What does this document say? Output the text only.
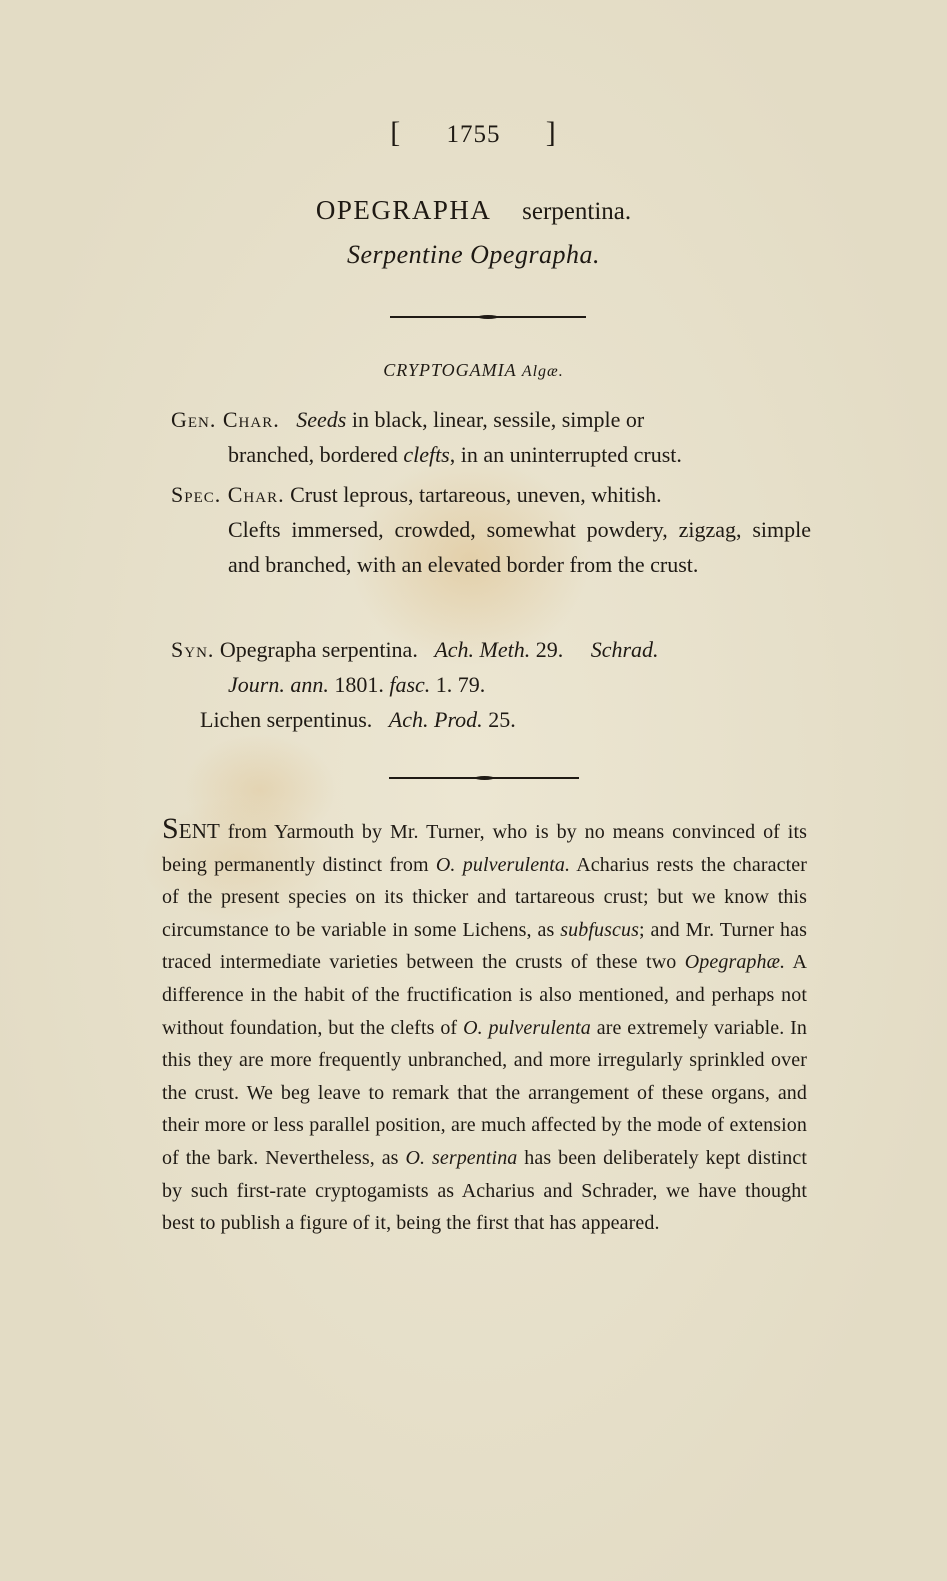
[ 1755 ]
OPEGRAPHA serpentina.
Serpentine Opegrapha.
CRYPTOGAMIA Algæ.
Gen. Char. Seeds in black, linear, sessile, simple or
branched, bordered clefts, in an uninterrupted crust.
Spec. Char. Crust leprous, tartareous, uneven, whitish.
Clefts immersed, crowded, somewhat powdery, zigzag, simple and branched, with an elevated border from the crust.
Syn. Opegrapha serpentina. Ach. Meth. 29. Schrad.
Journ. ann. 1801. fasc. 1. 79.
Lichen serpentinus. Ach. Prod. 25.
SENT from Yarmouth by Mr. Turner, who is by no means convinced of its being permanently distinct from O. pulverulenta. Acharius rests the character of the present species on its thicker and tartareous crust; but we know this circumstance to be variable in some Lichens, as subfuscus; and Mr. Turner has traced intermediate varieties between the crusts of these two Opegraphæ. A difference in the habit of the fructification is also mentioned, and perhaps not without foundation, but the clefts of O. pulverulenta are extremely variable. In this they are more frequently unbranched, and more irregularly sprinkled over the crust. We beg leave to remark that the arrangement of these organs, and their more or less parallel position, are much affected by the mode of extension of the bark. Nevertheless, as O. serpentina has been deliberately kept distinct by such first-rate cryptogamists as Acharius and Schrader, we have thought best to publish a figure of it, being the first that has appeared.
